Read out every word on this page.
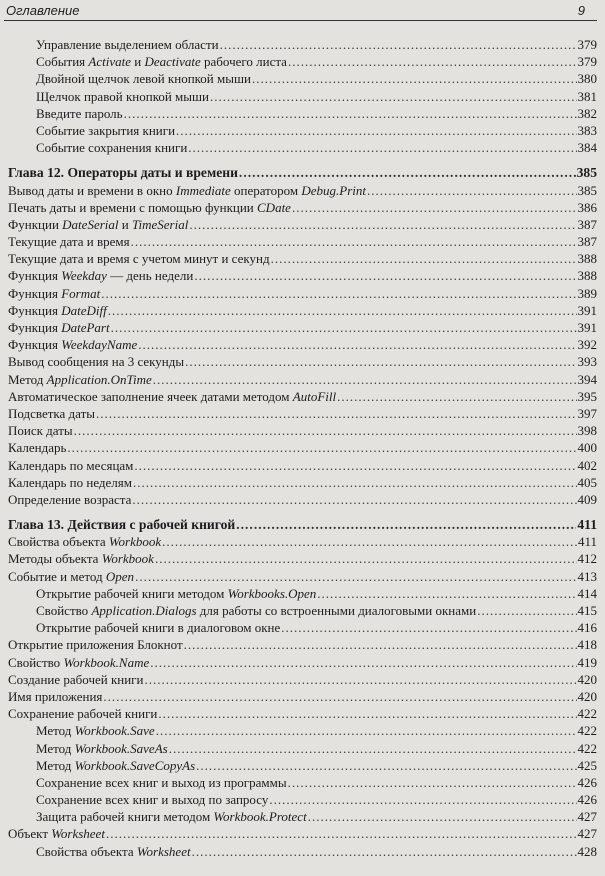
Оглавление	9
Управление выделением области .....	379
События Activate и Deactivate рабочего листа .....	379
Двойной щелчок левой кнопкой мыши .....	380
Щелчок правой кнопкой мыши .....	381
Введите пароль .....	382
Событие закрытия книги .....	383
Событие сохранения книги .....	384
Глава 12. Операторы даты и времени .....	385
Вывод даты и времени в окно Immediate оператором Debug.Print .....	385
Печать даты и времени с помощью функции CDate .....	386
Функции DateSerial и TimeSerial .....	387
Текущие дата и время .....	387
Текущие дата и время с учетом минут и секунд .....	388
Функция Weekday — день недели .....	388
Функция Format .....	389
Функция DateDiff .....	391
Функция DatePart .....	391
Функция WeekdayName .....	392
Вывод сообщения на 3 секунды .....	393
Метод Application.OnTime .....	394
Автоматическое заполнение ячеек датами методом AutoFill .....	395
Подсветка даты .....	397
Поиск даты .....	398
Календарь .....	400
Календарь по месяцам .....	402
Календарь по неделям .....	405
Определение возраста .....	409
Глава 13. Действия с рабочей книгой .....	411
Свойства объекта Workbook .....	411
Методы объекта Workbook .....	412
Событие и метод Open .....	413
Открытие рабочей книги методом Workbooks.Open .....	414
Свойство Application.Dialogs для работы со встроенными диалоговыми окнами .....	415
Открытие рабочей книги в диалоговом окне .....	416
Открытие приложения Блокнот .....	418
Свойство Workbook.Name .....	419
Создание рабочей книги .....	420
Имя приложения .....	420
Сохранение рабочей книги .....	422
Метод Workbook.Save .....	422
Метод Workbook.SaveAs .....	422
Метод Workbook.SaveCopyAs .....	425
Сохранение всех книг и выход из программы .....	426
Сохранение всех книг и выход по запросу .....	426
Защита рабочей книги методом Workbook.Protect .....	427
Объект Worksheet .....	427
Свойства объекта Worksheet .....	428
